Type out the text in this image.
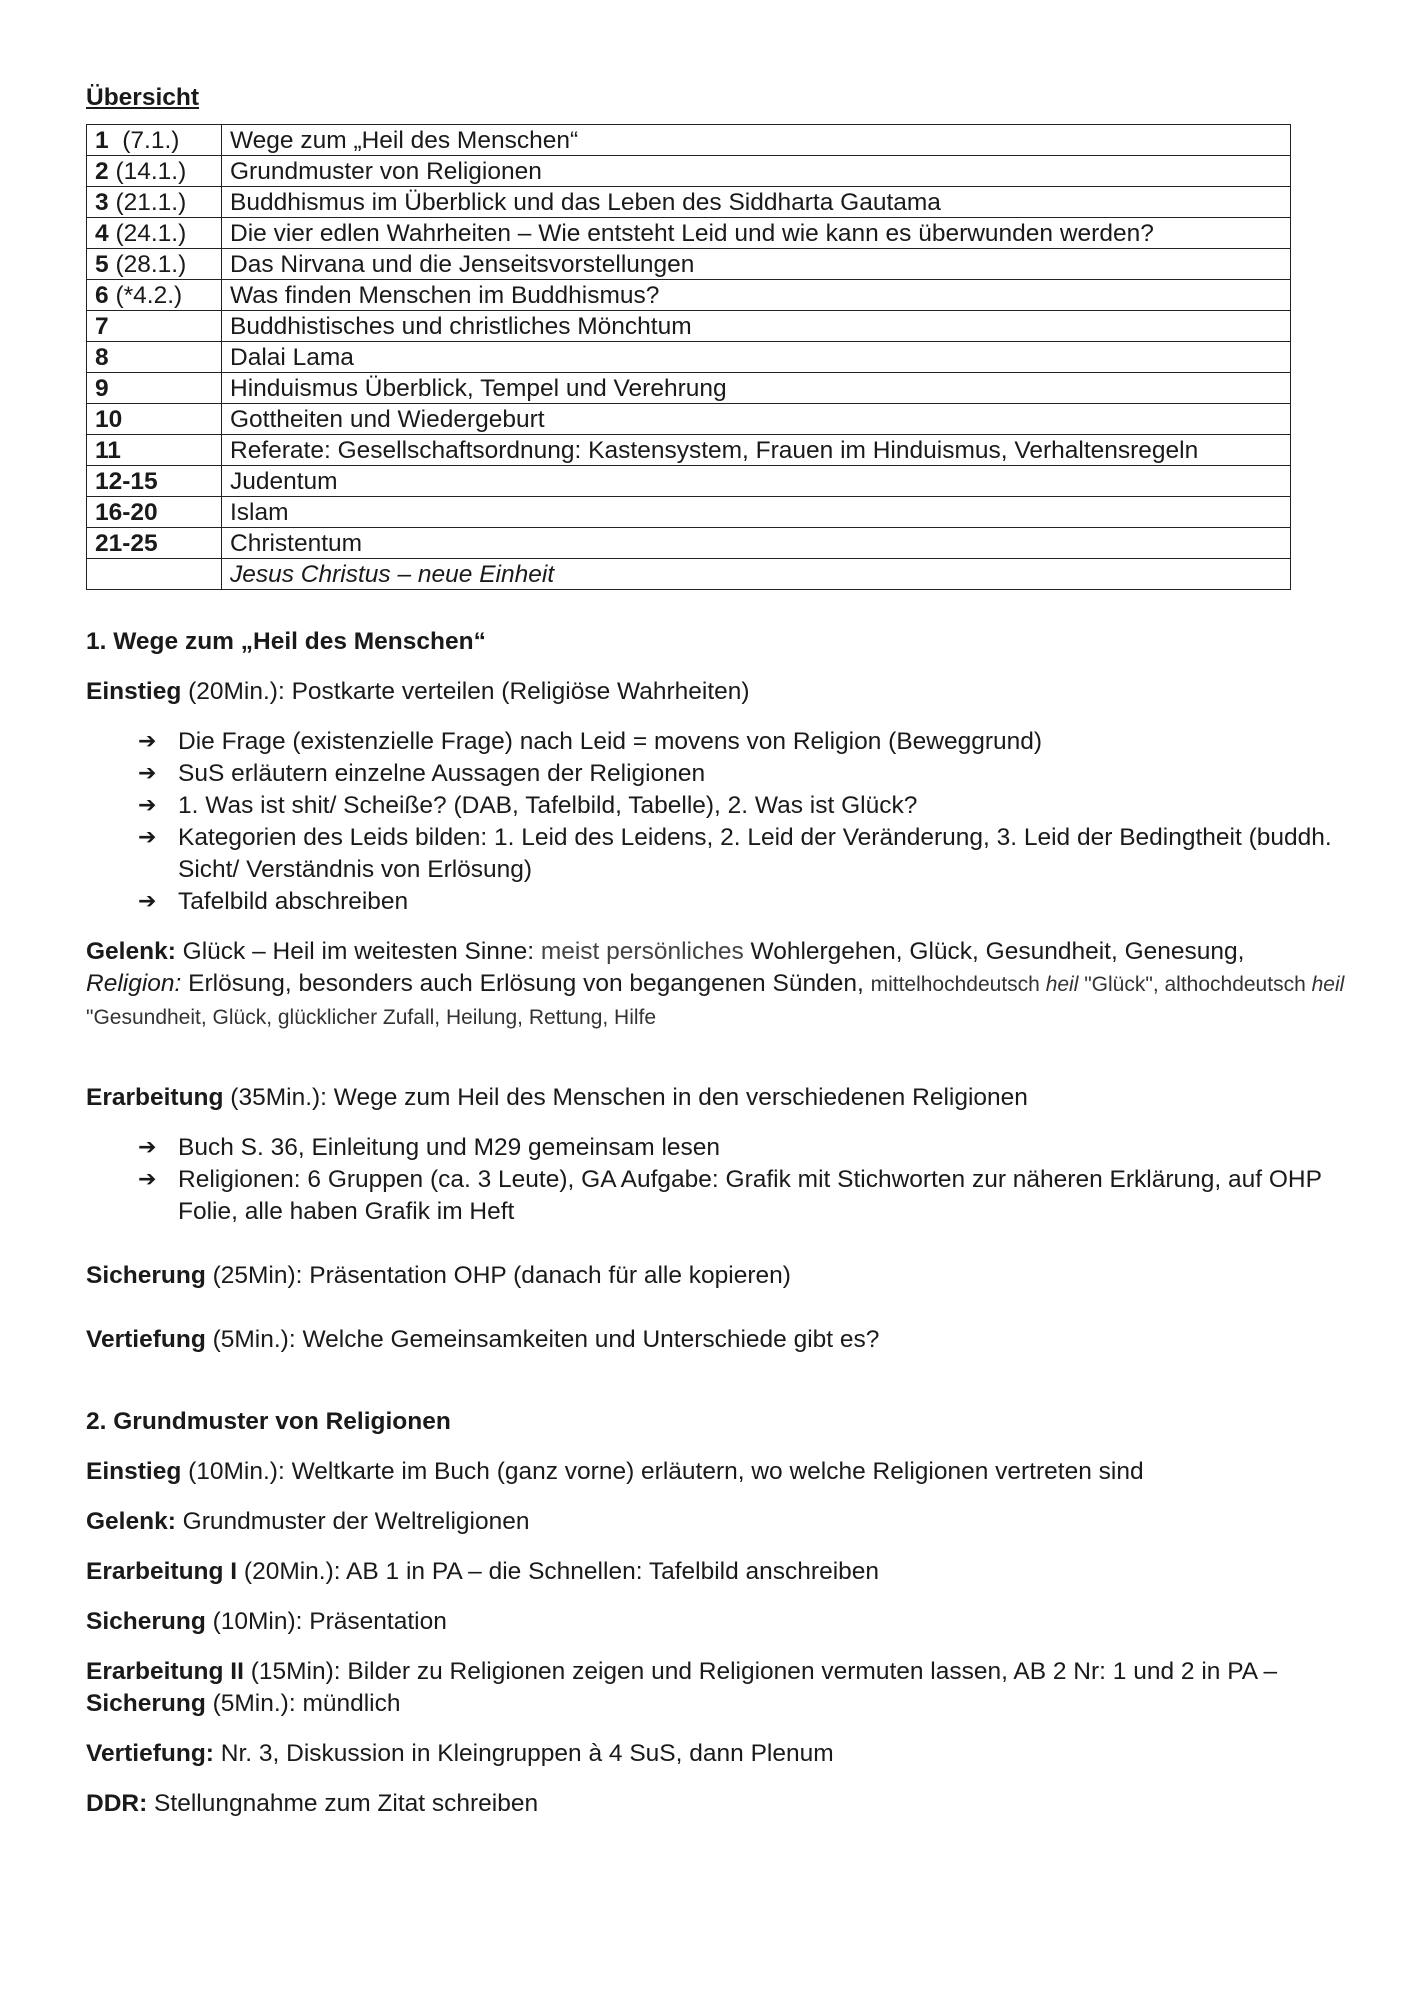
Übersicht
1  (7.1.)	Wege zum „Heil des Menschen“
2 (14.1.)	Grundmuster von Religionen
3 (21.1.)	Buddhismus im Überblick und das Leben des Siddharta Gautama
4 (24.1.)	Die vier edlen Wahrheiten – Wie entsteht Leid und wie kann es überwunden werden?
5 (28.1.)	Das Nirvana und die Jenseitsvorstellungen
6 (*4.2.)	Was finden Menschen im Buddhismus?
7	Buddhistisches und christliches Mönchtum
8	Dalai Lama
9	Hinduismus Überblick, Tempel und Verehrung
10	Gottheiten und Wiedergeburt
11	Referate: Gesellschaftsordnung: Kastensystem, Frauen im Hinduismus, Verhaltensregeln
12-15	Judentum
16-20	Islam
21-25	Christentum
	Jesus Christus – neue Einheit
1. Wege zum „Heil des Menschen“
Einstieg (20Min.): Postkarte verteilen (Religiöse Wahrheiten)
➔ Die Frage (existenzielle Frage) nach Leid = movens von Religion (Beweggrund)
➔ SuS erläutern einzelne Aussagen der Religionen
➔ 1. Was ist shit/ Scheiße? (DAB, Tafelbild, Tabelle), 2. Was ist Glück?
➔ Kategorien des Leids bilden: 1. Leid des Leidens, 2. Leid der Veränderung, 3. Leid der Bedingtheit (buddh. Sicht/ Verständnis von Erlösung)
➔ Tafelbild abschreiben
Gelenk: Glück – Heil im weitesten Sinne: meist persönliches Wohlergehen, Glück, Gesundheit, Genesung, Religion: Erlösung, besonders auch Erlösung von begangenen Sünden, mittelhochdeutsch heil "Glück", althochdeutsch heil "Gesundheit, Glück, glücklicher Zufall, Heilung, Rettung, Hilfe
Erarbeitung (35Min.): Wege zum Heil des Menschen in den verschiedenen Religionen
➔ Buch S. 36, Einleitung und M29 gemeinsam lesen
➔ Religionen: 6 Gruppen (ca. 3 Leute), GA Aufgabe: Grafik mit Stichworten zur näheren Erklärung, auf OHP Folie, alle haben Grafik im Heft
Sicherung (25Min): Präsentation OHP (danach für alle kopieren)
Vertiefung (5Min.): Welche Gemeinsamkeiten und Unterschiede gibt es?
2. Grundmuster von Religionen
Einstieg (10Min.): Weltkarte im Buch (ganz vorne) erläutern, wo welche Religionen vertreten sind
Gelenk: Grundmuster der Weltreligionen
Erarbeitung I (20Min.): AB 1 in PA – die Schnellen: Tafelbild anschreiben
Sicherung (10Min): Präsentation
Erarbeitung II (15Min): Bilder zu Religionen zeigen und Religionen vermuten lassen, AB 2 Nr: 1 und 2 in PA – Sicherung (5Min.): mündlich
Vertiefung: Nr. 3, Diskussion in Kleingruppen à 4 SuS, dann Plenum
DDR: Stellungnahme zum Zitat schreiben
